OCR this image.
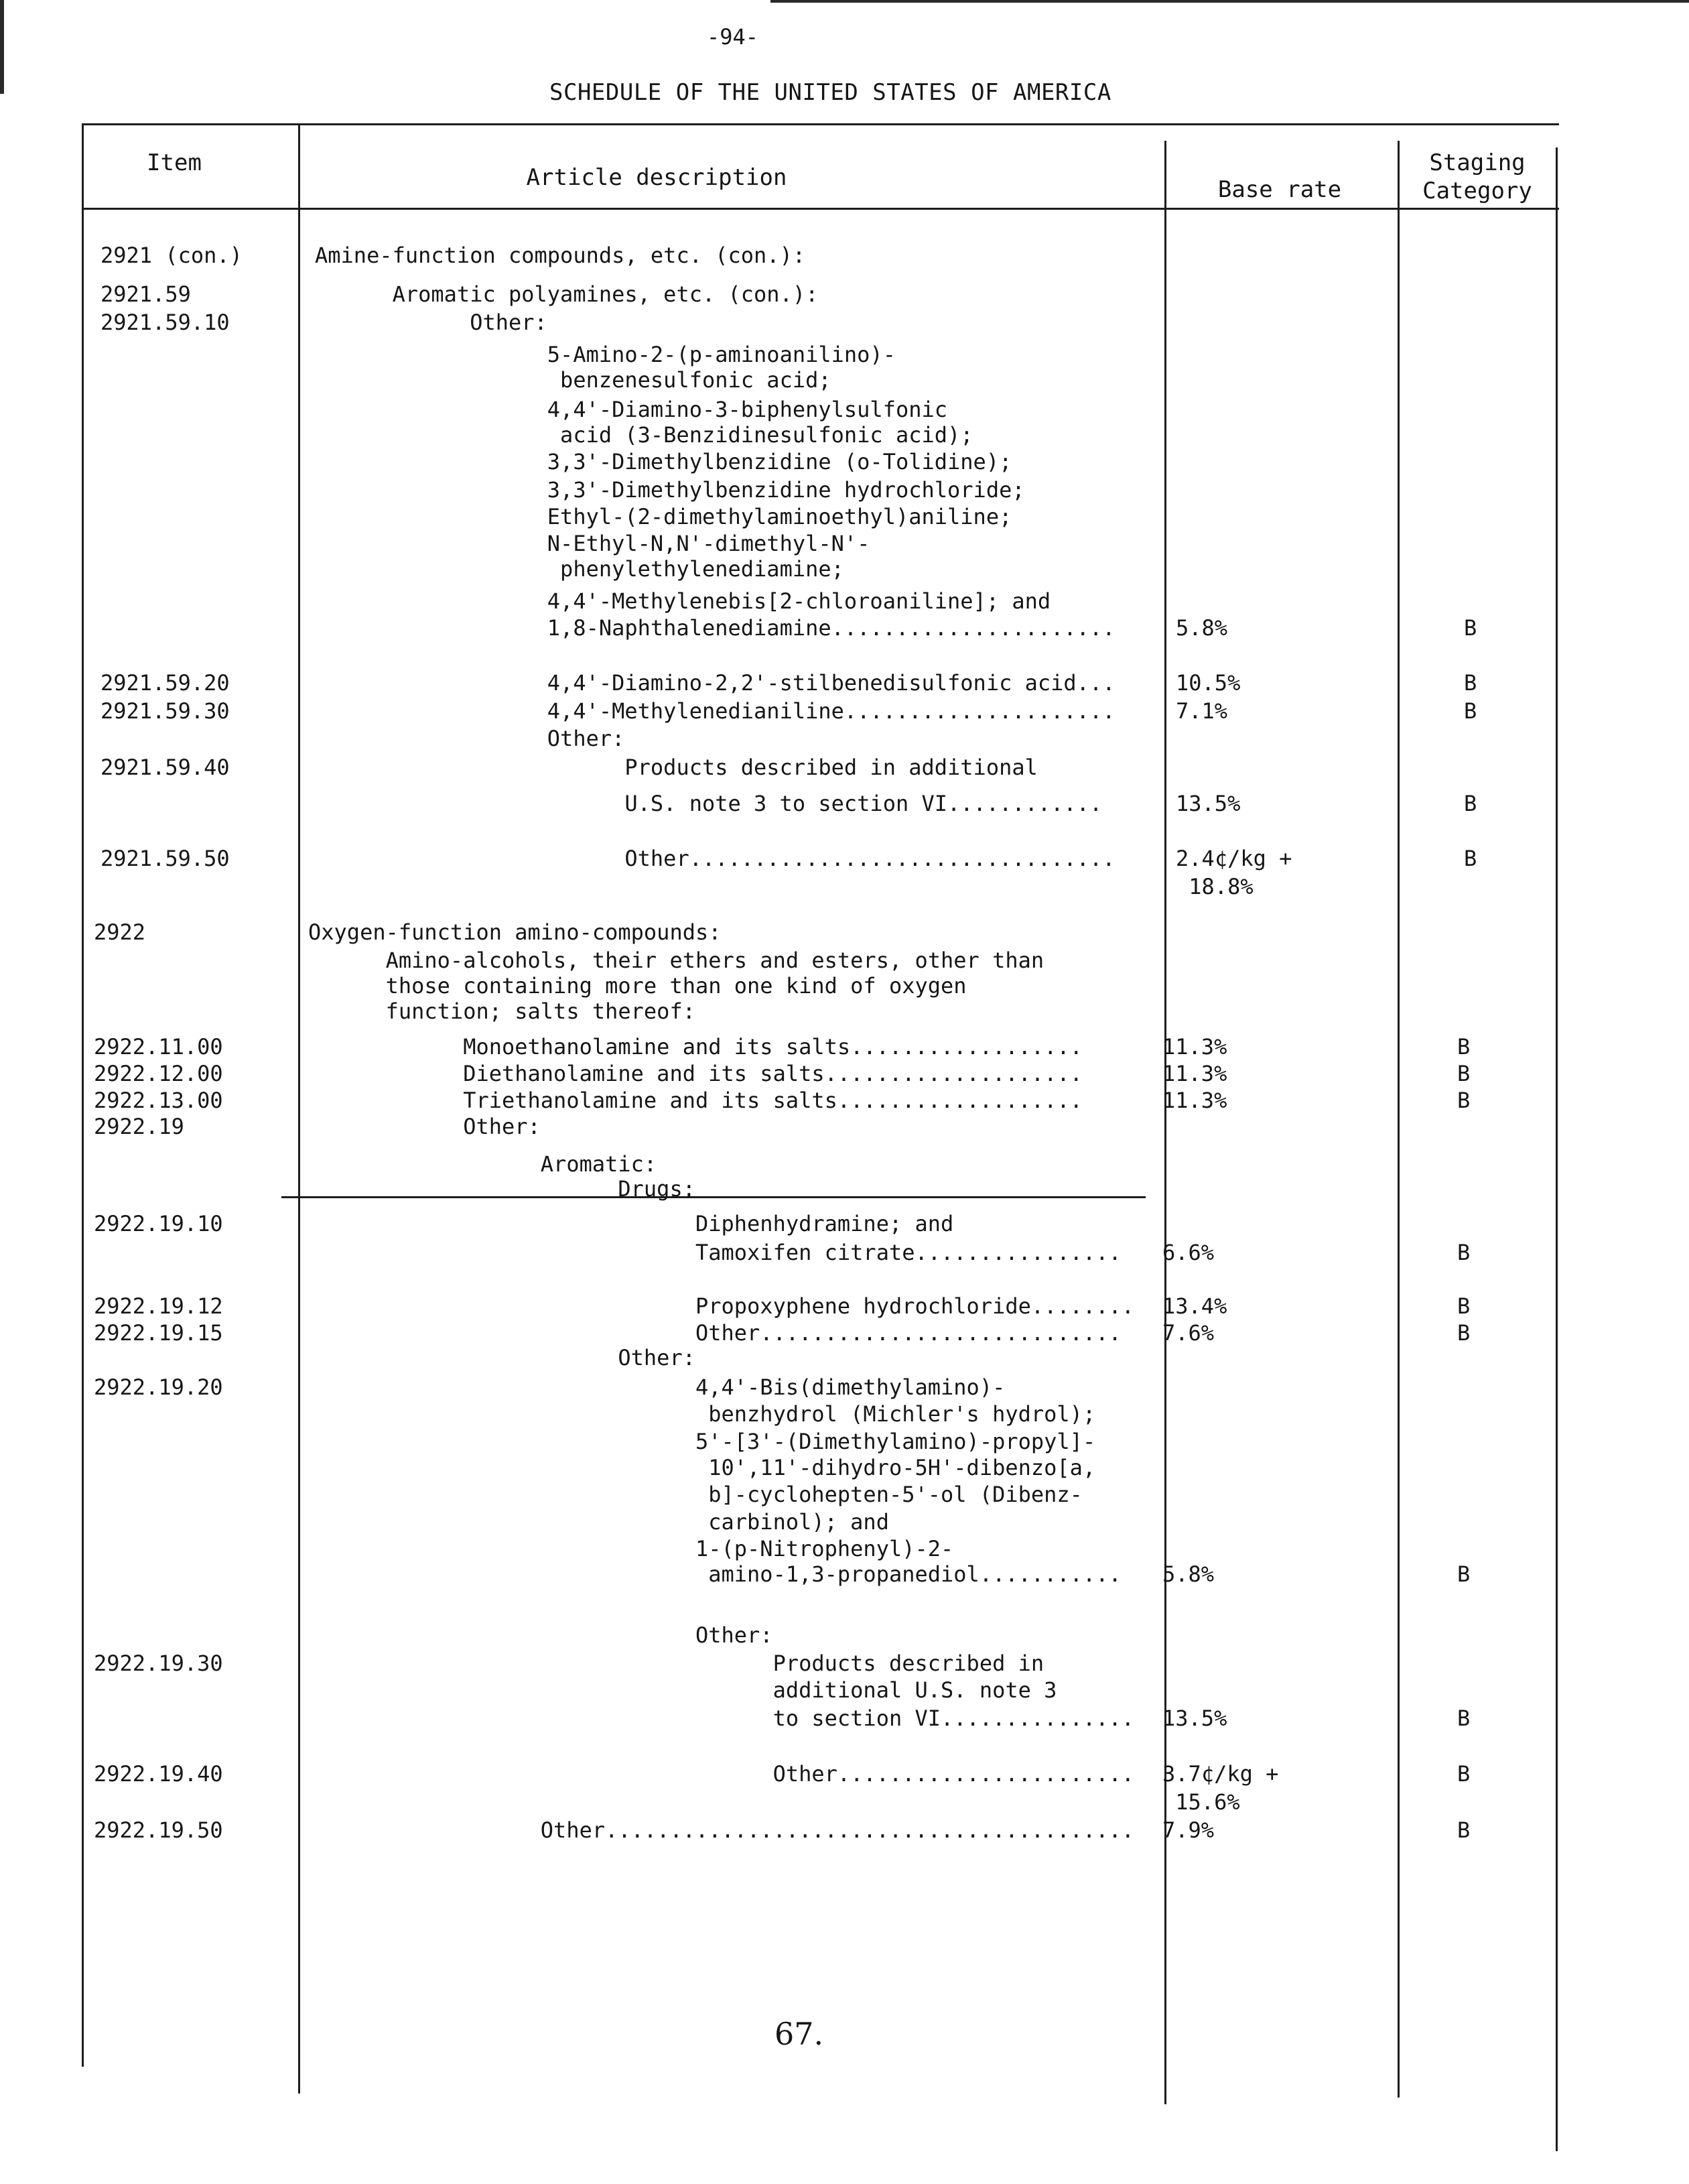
-94-
SCHEDULE OF THE UNITED STATES OF AMERICA
Item
Article description	Base rate
Staging
Category
2921 (con.)	Amine-function compounds, etc. (con.):
2921.59	Aromatic polyamines, etc. (con.):
2921.59.10	Other:
5-Amino-2-(p-aminoanilino)-
benzenesulfonic acid;
4,4'-Diamino-3-biphenylsulfonic
acid (3-Benzidinesulfonic acid);
3,3'-Dimethylbenzidine (o-Tolidine);
3,3'-Dimethylbenzidine hydrochloride;
Ethyl-(2-dimethylaminoethyl)aniline;
N-Ethyl-N,N'-dimethyl-N'-
phenylethylenediamine;
4,4'-Methylenebis[2-chloroaniline]; and
1,8-Naphthalenediamine......................	5.8%	B
2921.59.20	4,4'-Diamino-2,2'-stilbenedisulfonic acid...	10.5%	B
2921.59.30	4,4'-Methylenedianiline.....................	7.1%	B
Other:
2921.59.40	Products described in additional
U.S. note 3 to section VI............	13.5%	B
2921.59.50	Other.................................	2.4¢/kg +	B
18.8%
2922	Oxygen-function amino-compounds:
Amino-alcohols, their ethers and esters, other than
those containing more than one kind of oxygen
function; salts thereof:
2922.11.00	Monoethanolamine and its salts..................	11.3%	B
2922.12.00	Diethanolamine and its salts....................	11.3%	B
2922.13.00	Triethanolamine and its salts...................	11.3%	B
2922.19	Other:
Aromatic:
Drugs:
2922.19.10	Diphenhydramine; and
Tamoxifen citrate................ 6.6%	B
2922.19.12	Propoxyphene hydrochloride........ 13.4%	B
2922.19.15	Other............................ 7.6%	B
Other:
2922.19.20	4,4'-Bis(dimethylamino)-
benzhydrol (Michler's hydrol);
5'-[3'-(Dimethylamino)-propyl]-
10',11'-dihydro-5H'-dibenzo[a,
b]-cyclohepten-5'-ol (Dibenz-
carbinol); and
1-(p-Nitrophenyl)-2-
amino-1,3-propanediol........... 5.8%	B
Other:
2922.19.30	Products described in
additional U.S. note 3
to section VI............... 13.5%	B
2922.19.40	Other....................... 3.7¢/kg +	B
15.6%
2922.19.50	Other......................................... 7.9%	B
67.
